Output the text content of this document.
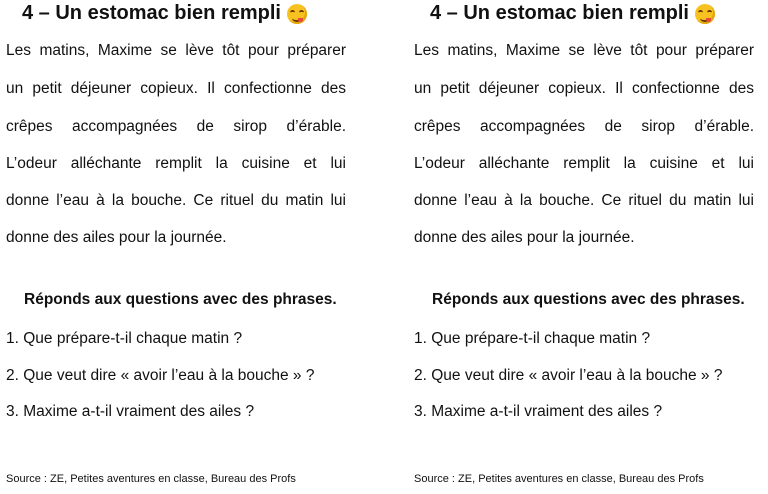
4 – Un estomac bien rempli
Les matins, Maxime se lève tôt pour préparer
un petit déjeuner copieux. Il confectionne des
crêpes accompagnées de sirop d’érable.
L’odeur alléchante remplit la cuisine et lui
donne l’eau à la bouche. Ce rituel du matin lui
donne des ailes pour la journée.
Réponds aux questions avec des phrases.
1. Que prépare-t-il chaque matin ?
2. Que veut dire « avoir l’eau à la bouche » ?
3. Maxime a-t-il vraiment des ailes ?
Source : ZE, Petites aventures en classe, Bureau des Profs
4 – Un estomac bien rempli
Les matins, Maxime se lève tôt pour préparer
un petit déjeuner copieux. Il confectionne des
crêpes accompagnées de sirop d’érable.
L’odeur alléchante remplit la cuisine et lui
donne l’eau à la bouche. Ce rituel du matin lui
donne des ailes pour la journée.
Réponds aux questions avec des phrases.
1. Que prépare-t-il chaque matin ?
2. Que veut dire « avoir l’eau à la bouche » ?
3. Maxime a-t-il vraiment des ailes ?
Source : ZE, Petites aventures en classe, Bureau des Profs
